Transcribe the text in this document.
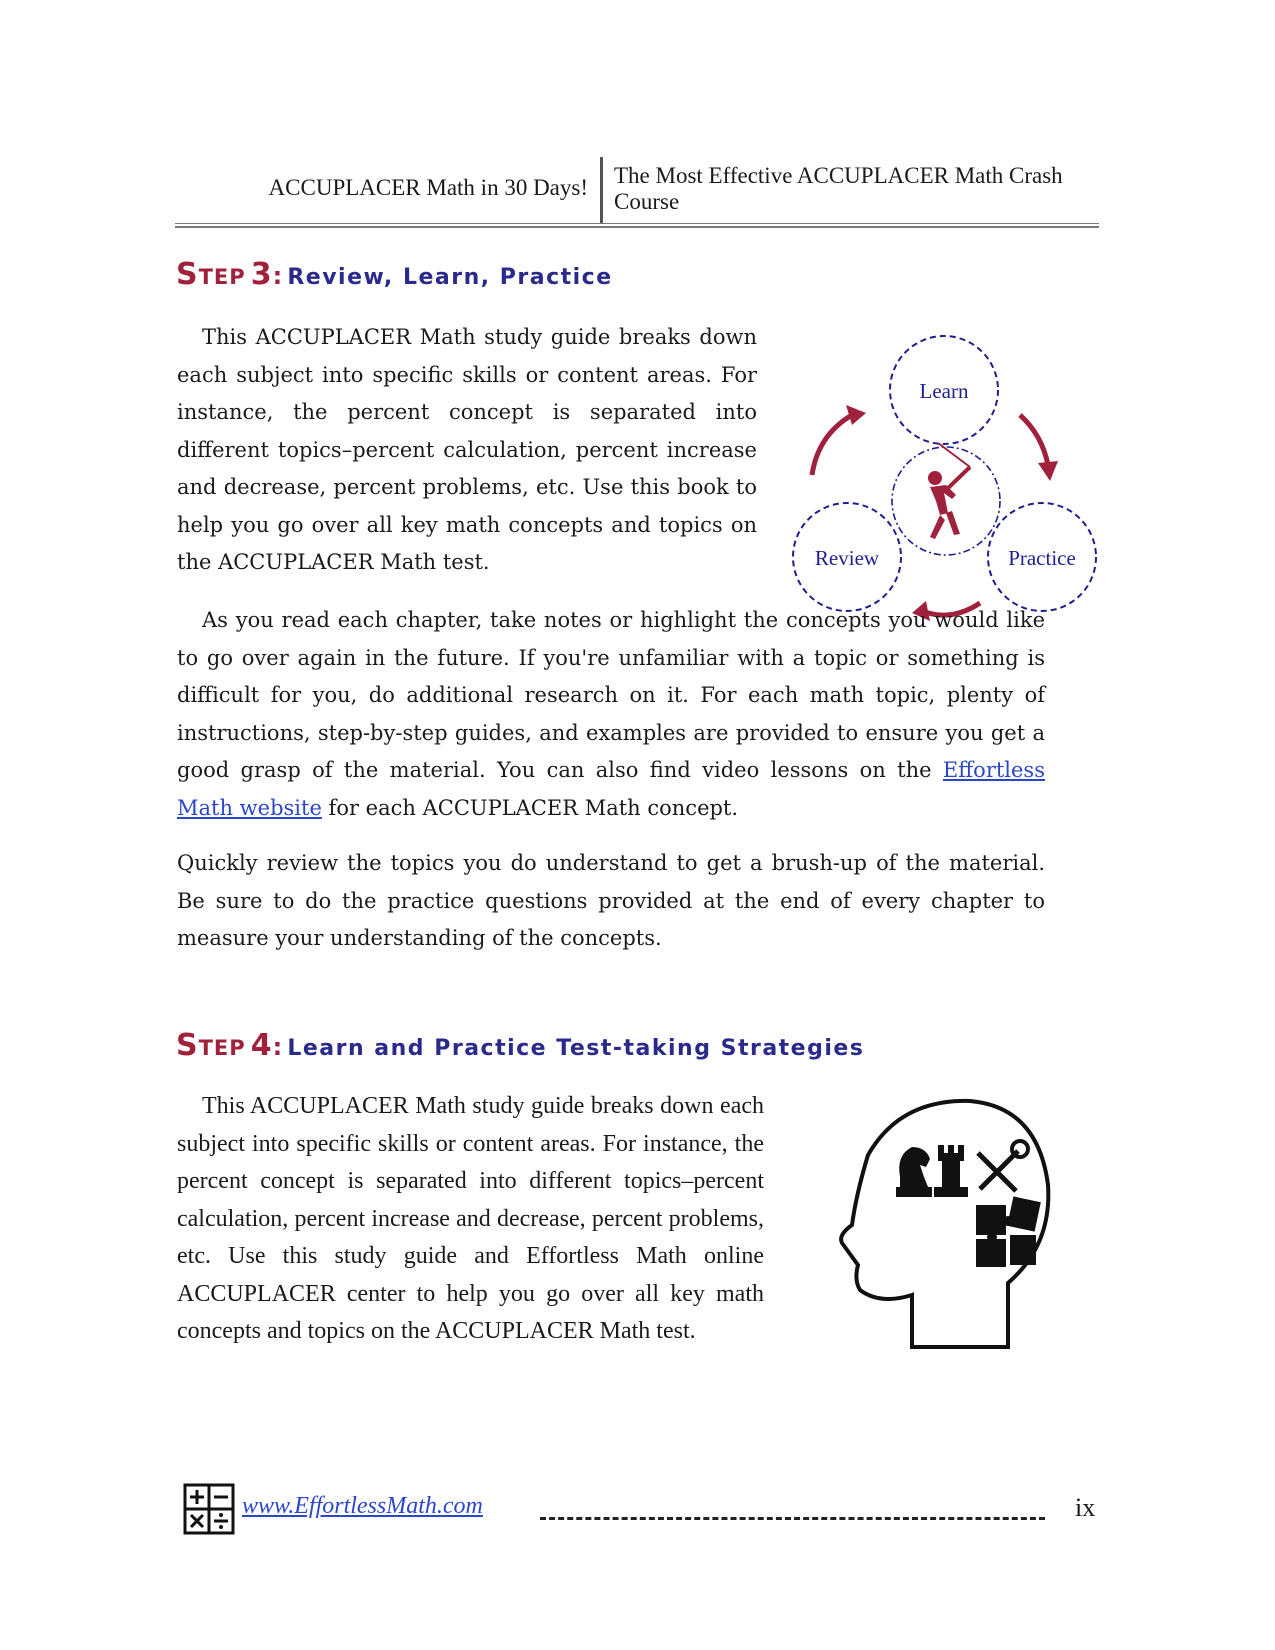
ACCUPLACER Math in 30 Days! The Most Effective ACCUPLACER Math Crash Course
STEP 3: Review, Learn, Practice
This ACCUPLACER Math study guide breaks down each subject into specific skills or content areas. For instance, the percent concept is separated into different topics–percent calculation, percent increase and decrease, percent problems, etc. Use this book to help you go over all key math concepts and topics on the ACCUPLACER Math test.
Learn
Review	Practice
As you read each chapter, take notes or highlight the concepts you would like to go over again in the future. If you're unfamiliar with a topic or something is difficult for you, do additional research on it. For each math topic, plenty of instructions, step-by-step guides, and examples are provided to ensure you get a good grasp of the material. You can also find video lessons on the Effortless Math website for each ACCUPLACER Math concept.
Quickly review the topics you do understand to get a brush-up of the material. Be sure to do the practice questions provided at the end of every chapter to measure your understanding of the concepts.
STEP 4: Learn and Practice Test-taking Strategies
This ACCUPLACER Math study guide breaks down each subject into specific skills or content areas. For instance, the percent concept is separated into different topics–percent calculation, percent increase and decrease, percent problems, etc. Use this study guide and Effortless Math online ACCUPLACER center to help you go over all key math concepts and topics on the ACCUPLACER Math test.
www.EffortlessMath.com	ix
